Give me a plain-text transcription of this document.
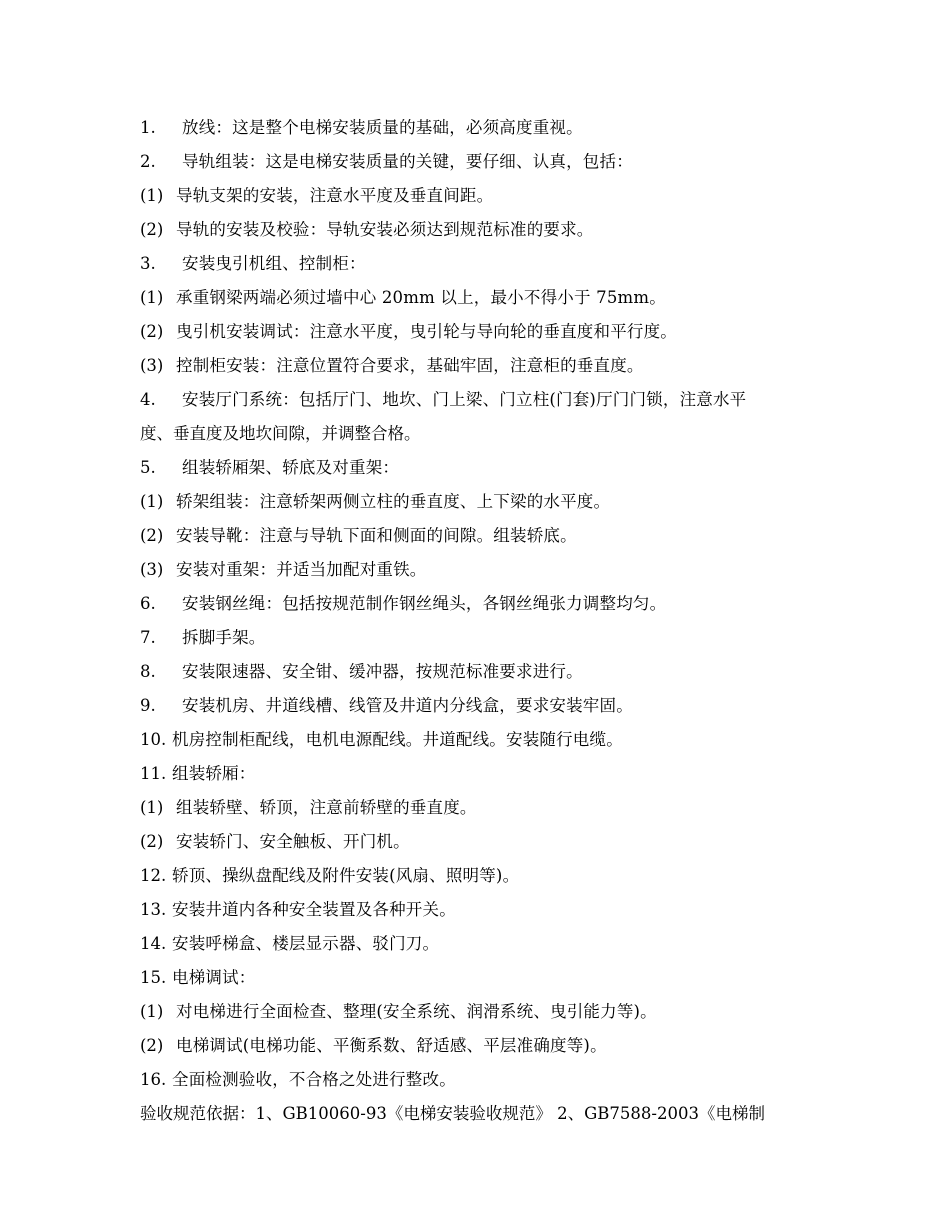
1.	放线：这是整个电梯安装质量的基础，必须高度重视。
2.	导轨组装：这是电梯安装质量的关键，要仔细、认真，包括：
(1) 导轨支架的安装，注意水平度及垂直间距。
(2) 导轨的安装及校验：导轨安装必须达到规范标准的要求。
3.	安装曳引机组、控制柜：
(1) 承重钢梁两端必须过墙中心 20mm 以上，最小不得小于 75mm。
(2) 曳引机安装调试：注意水平度，曳引轮与导向轮的垂直度和平行度。
(3) 控制柜安装：注意位置符合要求，基础牢固，注意柜的垂直度。
4.	安装厅门系统：包括厅门、地坎、门上梁、门立柱(门套)厅门门锁，注意水平
度、垂直度及地坎间隙，并调整合格。
5.	组装轿厢架、轿底及对重架：
(1) 轿架组装：注意轿架两侧立柱的垂直度、上下梁的水平度。
(2) 安装导靴：注意与导轨下面和侧面的间隙。组装轿底。
(3) 安装对重架：并适当加配对重铁。
6.	安装钢丝绳：包括按规范制作钢丝绳头，各钢丝绳张力调整均匀。
7.	拆脚手架。
8.	安装限速器、安全钳、缓冲器，按规范标准要求进行。
9.	安装机房、井道线槽、线管及井道内分线盒，要求安装牢固。
10. 机房控制柜配线，电机电源配线。井道配线。安装随行电缆。
11. 组装轿厢：
(1) 组装轿壁、轿顶，注意前轿壁的垂直度。
(2) 安装轿门、安全触板、开门机。
12. 轿顶、操纵盘配线及附件安装(风扇、照明等)。
13. 安装井道内各种安全装置及各种开关。
14. 安装呼梯盒、楼层显示器、驳门刀。
15. 电梯调试：
(1) 对电梯进行全面检查、整理(安全系统、润滑系统、曳引能力等)。
(2) 电梯调试(电梯功能、平衡系数、舒适感、平层准确度等)。
16. 全面检测验收，不合格之处进行整改。
验收规范依据：1、GB10060-93《电梯安装验收规范》 2、GB7588-2003《电梯制
